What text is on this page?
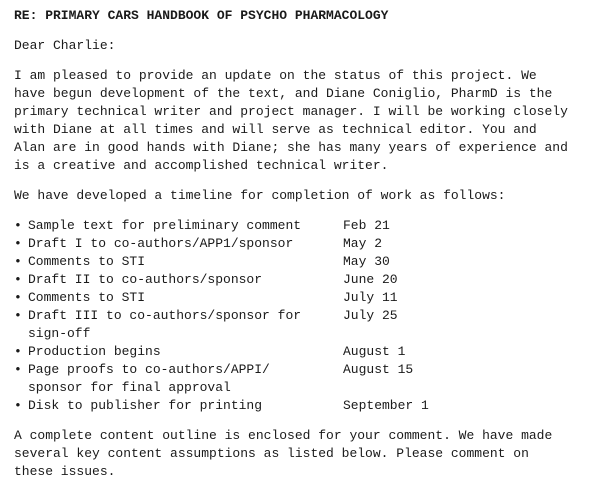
RE: PRIMARY CARS HANDBOOK OF PSYCHO PHARMACOLOGY
Dear Charlie:
I am pleased to provide an update on the status of this project. We
have begun development of the text, and Diane Coniglio, PharmD is the
primary technical writer and project manager. I will be working closely
with Diane at all times and will serve as technical editor. You and
Alan are in good hands with Diane; she has many years of experience and
is a creative and accomplished technical writer.
We have developed a timeline for completion of work as follows:
• Sample text for preliminary comment	Feb 21
• Draft I to co-authors/APP1/sponsor	May 2
• Comments to STI	May 30
• Draft II to co-authors/sponsor	June 20
• Comments to STI	July 11
• Draft III to co-authors/sponsor for
sign-off
July 25
• Production begins	August 1
• Page proofs to co-authors/APPI/
sponsor for final approval
August 15
• Disk to publisher for printing	September 1
A complete content outline is enclosed for your comment. We have made
several key content assumptions as listed below. Please comment on
these issues.
